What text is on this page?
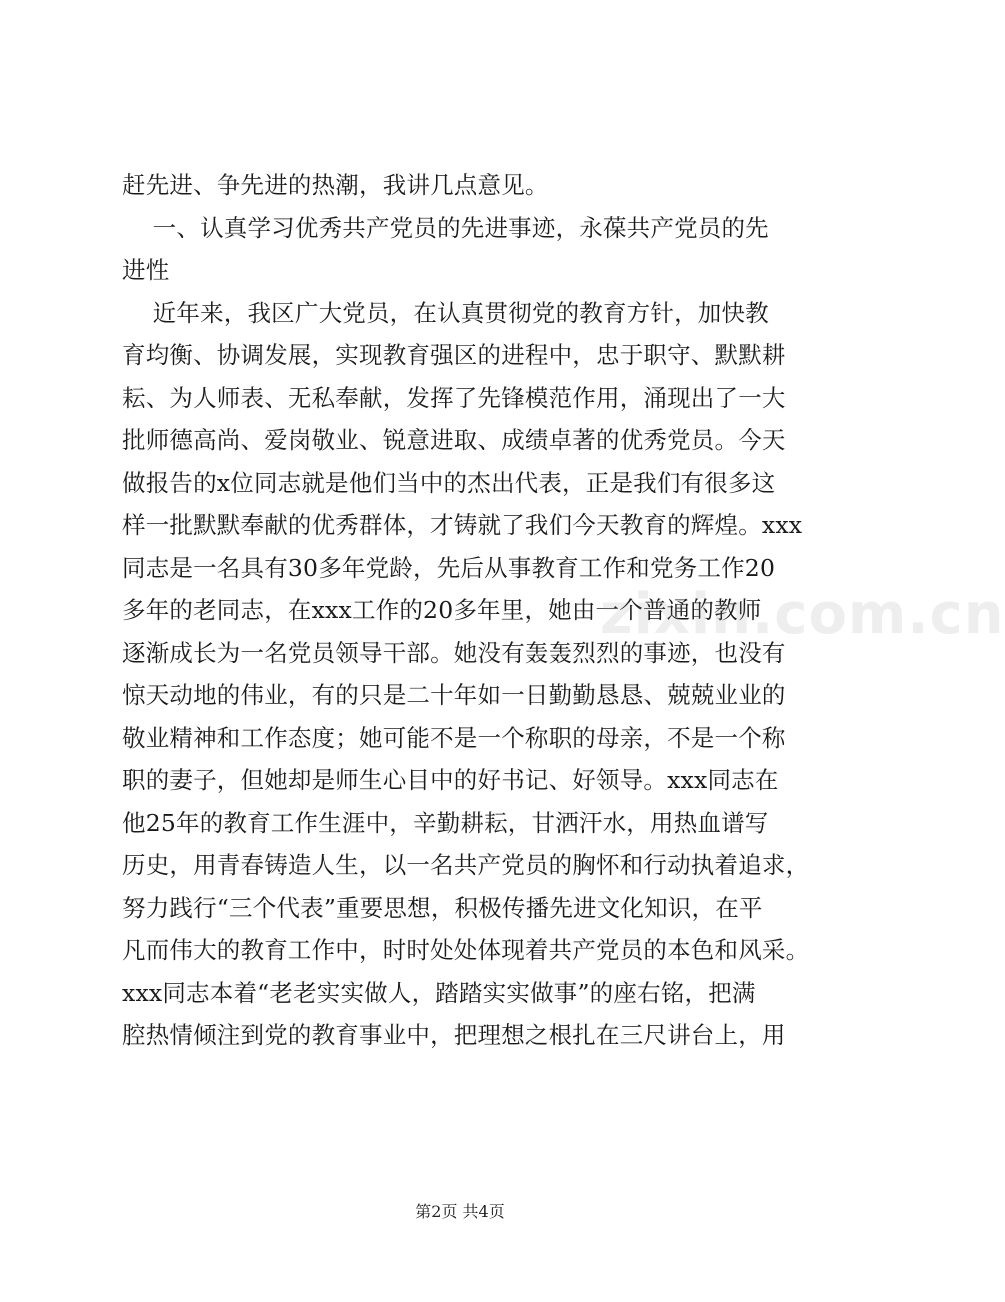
赶先进、争先进的热潮，我讲几点意见。
一、认真学习优秀共产党员的先进事迹，永葆共产党员的先
进性
近年来，我区广大党员，在认真贯彻党的教育方针，加快教
育均衡、协调发展，实现教育强区的进程中，忠于职守、默默耕
耘、为人师表、无私奉献，发挥了先锋模范作用，涌现出了一大
批师德高尚、爱岗敬业、锐意进取、成绩卓著的优秀党员。今天
做报告的x位同志就是他们当中的杰出代表，正是我们有很多这
样一批默默奉献的优秀群体，才铸就了我们今天教育的辉煌。xxx
同志是一名具有30多年党龄，先后从事教育工作和党务工作20
多年的老同志，在xxx工作的20多年里，她由一个普通的教师
逐渐成长为一名党员领导干部。她没有轰轰烈烈的事迹，也没有
惊天动地的伟业，有的只是二十年如一日勤勤恳恳、兢兢业业的
敬业精神和工作态度；她可能不是一个称职的母亲，不是一个称
职的妻子，但她却是师生心目中的好书记、好领导。xxx同志在
他25年的教育工作生涯中，辛勤耕耘，甘洒汗水，用热血谱写
历史，用青春铸造人生，以一名共产党员的胸怀和行动执着追求，
努力践行“三个代表”重要思想，积极传播先进文化知识，在平
凡而伟大的教育工作中，时时处处体现着共产党员的本色和风采。
xxx同志本着“老老实实做人，踏踏实实做事”的座右铭，把满
腔热情倾注到党的教育事业中，把理想之根扎在三尺讲台上，用
zixin.com.cn
第2页 共4页
